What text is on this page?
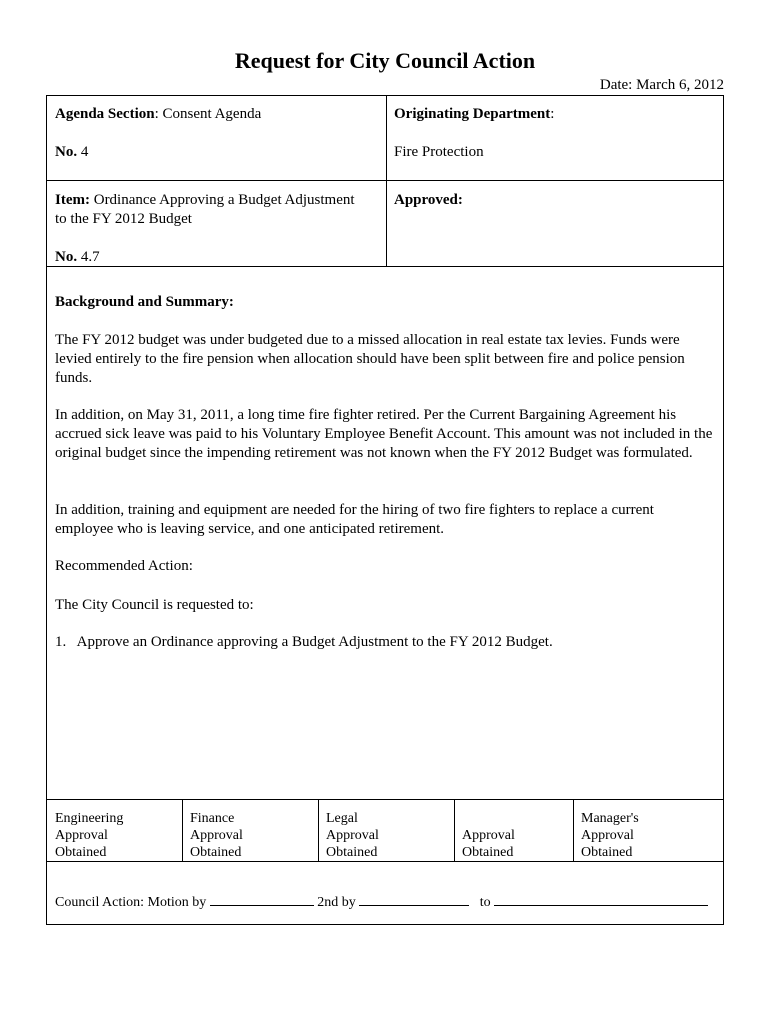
Request for City Council Action
Date: March 6, 2012
Agenda Section: Consent Agenda
No. 4
Originating Department:
Fire Protection
Item: Ordinance Approving a Budget Adjustment
to the FY 2012 Budget
No. 4.7
Approved:
Background and Summary:

The FY 2012 budget was under budgeted due to a missed allocation in real estate tax levies. Funds were levied entirely to the fire pension when allocation should have been split between fire and police pension funds.

In addition, on May 31, 2011, a long time fire fighter retired. Per the Current Bargaining Agreement his accrued sick leave was paid to his Voluntary Employee Benefit Account. This amount was not included in the original budget since the impending retirement was not known when the FY 2012 Budget was formulated.

In addition, training and equipment are needed for the hiring of two fire fighters to replace a current employee who is leaving service, and one anticipated retirement.

Recommended Action:

The City Council is requested to:

1.   Approve an Ordinance approving a Budget Adjustment to the FY 2012 Budget.

Engineering
Approval
Obtained
Finance
Approval
Obtained
Legal
Approval
Obtained

Approval
Obtained
Manager's
Approval
Obtained
Council Action: Motion by	2nd by	to
